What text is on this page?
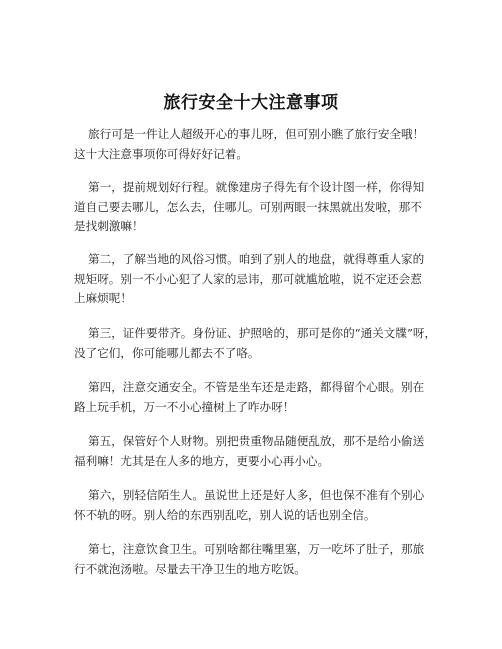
旅行安全十大注意事项

旅行可是一件让人超级开心的事儿呀，但可别小瞧了旅行安全哦！
这十大注意事项你可得好好记着。

第一，提前规划好行程。就像建房子得先有个设计图一样，你得知
道自己要去哪儿，怎么去，住哪儿。可别两眼一抹黑就出发啦，那不
是找刺激嘛！

第二，了解当地的风俗习惯。咱到了别人的地盘，就得尊重人家的
规矩呀。别一不小心犯了人家的忌讳，那可就尴尬啦，说不定还会惹
上麻烦呢！

第三，证件要带齐。身份证、护照啥的，那可是你的“通关文牒”呀，
没了它们，你可能哪儿都去不了咯。

第四，注意交通安全。不管是坐车还是走路，都得留个心眼。别在
路上玩手机，万一不小心撞树上了咋办呀！

第五，保管好个人财物。别把贵重物品随便乱放，那不是给小偷送
福利嘛！尤其是在人多的地方，更要小心再小心。

第六，别轻信陌生人。虽说世上还是好人多，但也保不准有个别心
怀不轨的呀。别人给的东西别乱吃，别人说的话也别全信。

第七，注意饮食卫生。可别啥都往嘴里塞，万一吃坏了肚子，那旅
行不就泡汤啦。尽量去干净卫生的地方吃饭。
